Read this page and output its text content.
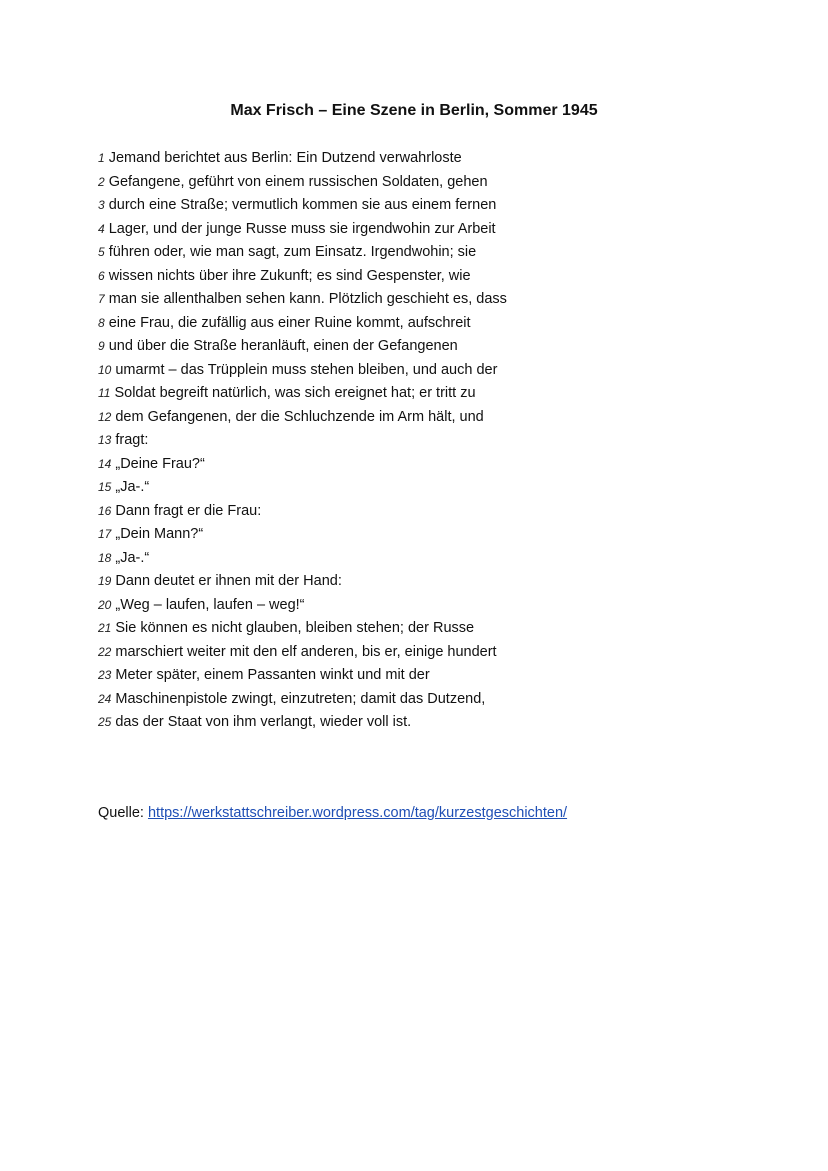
Max Frisch – Eine Szene in Berlin, Sommer 1945
1 Jemand berichtet aus Berlin: Ein Dutzend verwahrloste
2 Gefangene, geführt von einem russischen Soldaten, gehen
3 durch eine Straße; vermutlich kommen sie aus einem fernen
4 Lager, und der junge Russe muss sie irgendwohin zur Arbeit
5 führen oder, wie man sagt, zum Einsatz. Irgendwohin; sie
6 wissen nichts über ihre Zukunft; es sind Gespenster, wie
7 man sie allenthalben sehen kann. Plötzlich geschieht es, dass
8 eine Frau, die zufällig aus einer Ruine kommt, aufschreit
9 und über die Straße heranläuft, einen der Gefangenen
10 umarmt – das Trüpplein muss stehen bleiben, und auch der
11 Soldat begreift natürlich, was sich ereignet hat; er tritt zu
12 dem Gefangenen, der die Schluchzende im Arm hält, und
13 fragt:
14 „Deine Frau?“
15 „Ja-.“
16 Dann fragt er die Frau:
17 „Dein Mann?“
18 „Ja-.“
19 Dann deutet er ihnen mit der Hand:
20 „Weg – laufen, laufen – weg!“
21 Sie können es nicht glauben, bleiben stehen; der Russe
22 marschiert weiter mit den elf anderen, bis er, einige hundert
23 Meter später, einem Passanten winkt und mit der
24 Maschinenpistole zwingt, einzutreten; damit das Dutzend,
25 das der Staat von ihm verlangt, wieder voll ist.
Quelle: https://werkstattschreiber.wordpress.com/tag/kurzestgeschichten/
